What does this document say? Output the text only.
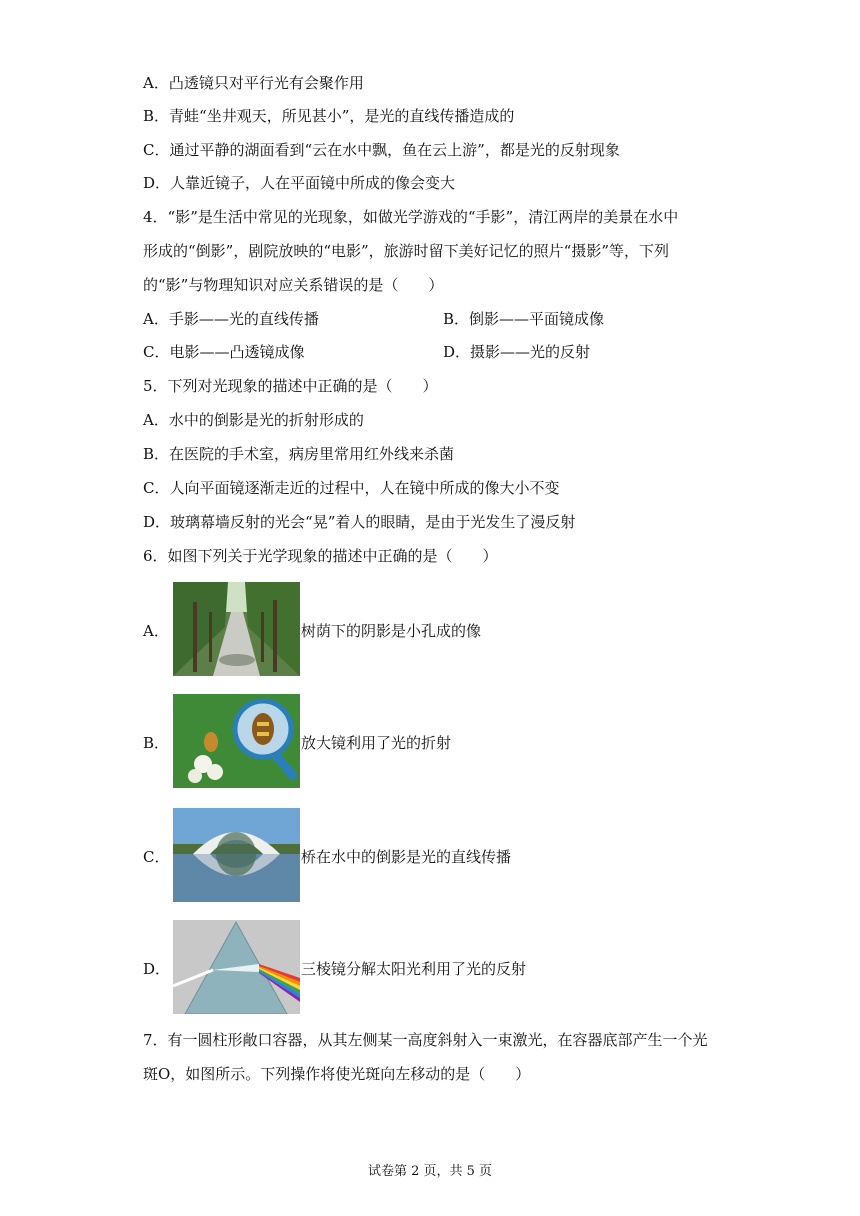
A．凸透镜只对平行光有会聚作用
B．青蛙“坐井观天，所见甚小”，是光的直线传播造成的
C．通过平静的湖面看到“云在水中飘，鱼在云上游”，都是光的反射现象
D．人靠近镜子，人在平面镜中所成的像会变大
4．“影”是生活中常见的光现象，如做光学游戏的“手影”，清江两岸的美景在水中
形成的“倒影”，剧院放映的“电影”，旅游时留下美好记忆的照片“摄影”等，下列
的“影”与物理知识对应关系错误的是（　　）
A．手影——光的直线传播	B．倒影——平面镜成像
C．电影——凸透镜成像	D．摄影——光的反射
5．下列对光现象的描述中正确的是（　　）
A．水中的倒影是光的折射形成的
B．在医院的手术室，病房里常用红外线来杀菌
C．人向平面镜逐渐走近的过程中，人在镜中所成的像大小不变
D．玻璃幕墙反射的光会“晃”着人的眼睛，是由于光发生了漫反射
6．如图下列关于光学现象的描述中正确的是（　　）
A．	树荫下的阴影是小孔成的像
B．	放大镜利用了光的折射
C．	桥在水中的倒影是光的直线传播
D．	三棱镜分解太阳光利用了光的反射
7．有一圆柱形敞口容器，从其左侧某一高度斜射入一束激光，在容器底部产生一个光
斑O，如图所示。下列操作将使光斑向左移动的是（　　）
试卷第 2 页，共 5 页
